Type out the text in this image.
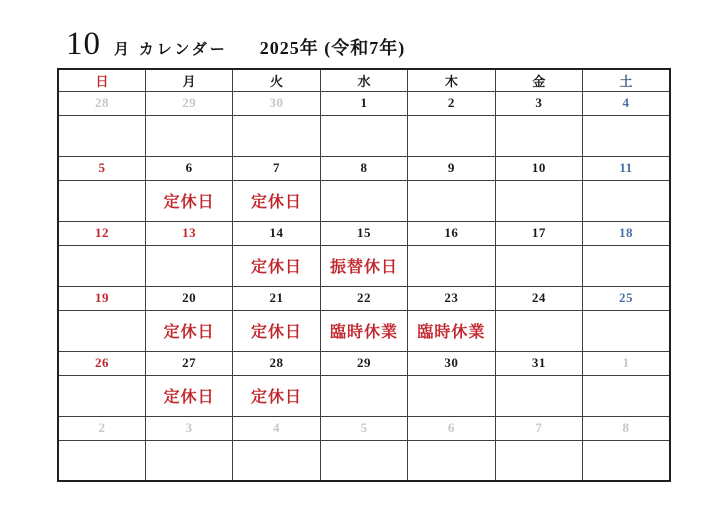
10 月 カレンダー 2025年 (令和7年)
日	月	火	水	木	金	土
28	29	30	1	2	3	4

5	6	7	8	9	10	11
	定休日	定休日				
12	13	14	15	16	17	18
		定休日	振替休日			
19	20	21	22	23	24	25
	定休日	定休日	臨時休業	臨時休業		
26	27	28	29	30	31	1
	定休日	定休日				
2	3	4	5	6	7	8
